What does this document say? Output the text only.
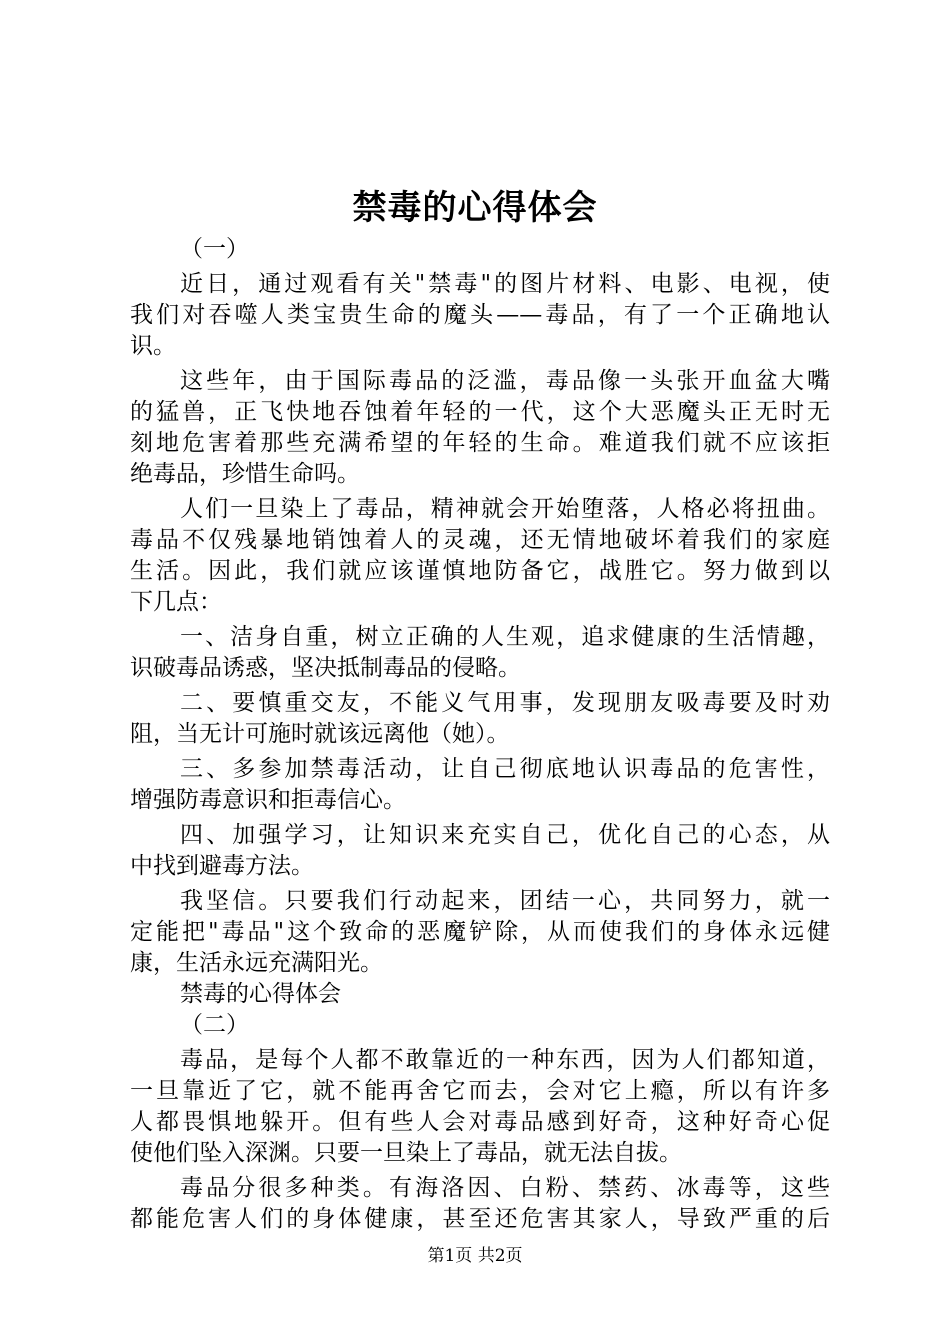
禁毒的心得体会
（一）
近日，通过观看有关"禁毒"的图片材料、电影、电视，使
我们对吞噬人类宝贵生命的魔头——毒品，有了一个正确地认
识。
这些年，由于国际毒品的泛滥，毒品像一头张开血盆大嘴
的猛兽，正飞快地吞蚀着年轻的一代，这个大恶魔头正无时无
刻地危害着那些充满希望的年轻的生命。难道我们就不应该拒
绝毒品，珍惜生命吗。
人们一旦染上了毒品，精神就会开始堕落，人格必将扭曲。
毒品不仅残暴地销蚀着人的灵魂，还无情地破坏着我们的家庭
生活。因此，我们就应该谨慎地防备它，战胜它。努力做到以
下几点：
一、洁身自重，树立正确的人生观，追求健康的生活情趣，
识破毒品诱惑，坚决抵制毒品的侵略。
二、要慎重交友，不能义气用事，发现朋友吸毒要及时劝
阻，当无计可施时就该远离他（她）。
三、多参加禁毒活动，让自己彻底地认识毒品的危害性，
增强防毒意识和拒毒信心。
四、加强学习，让知识来充实自己，优化自己的心态，从
中找到避毒方法。
我坚信。只要我们行动起来，团结一心，共同努力，就一
定能把"毒品"这个致命的恶魔铲除，从而使我们的身体永远健
康，生活永远充满阳光。
禁毒的心得体会
（二）
毒品，是每个人都不敢靠近的一种东西，因为人们都知道，
一旦靠近了它，就不能再舍它而去，会对它上瘾，所以有许多
人都畏惧地躲开。但有些人会对毒品感到好奇，这种好奇心促
使他们坠入深渊。只要一旦染上了毒品，就无法自拔。
毒品分很多种类。有海洛因、白粉、禁药、冰毒等，这些
都能危害人们的身体健康，甚至还危害其家人，导致严重的后
第1页 共2页
